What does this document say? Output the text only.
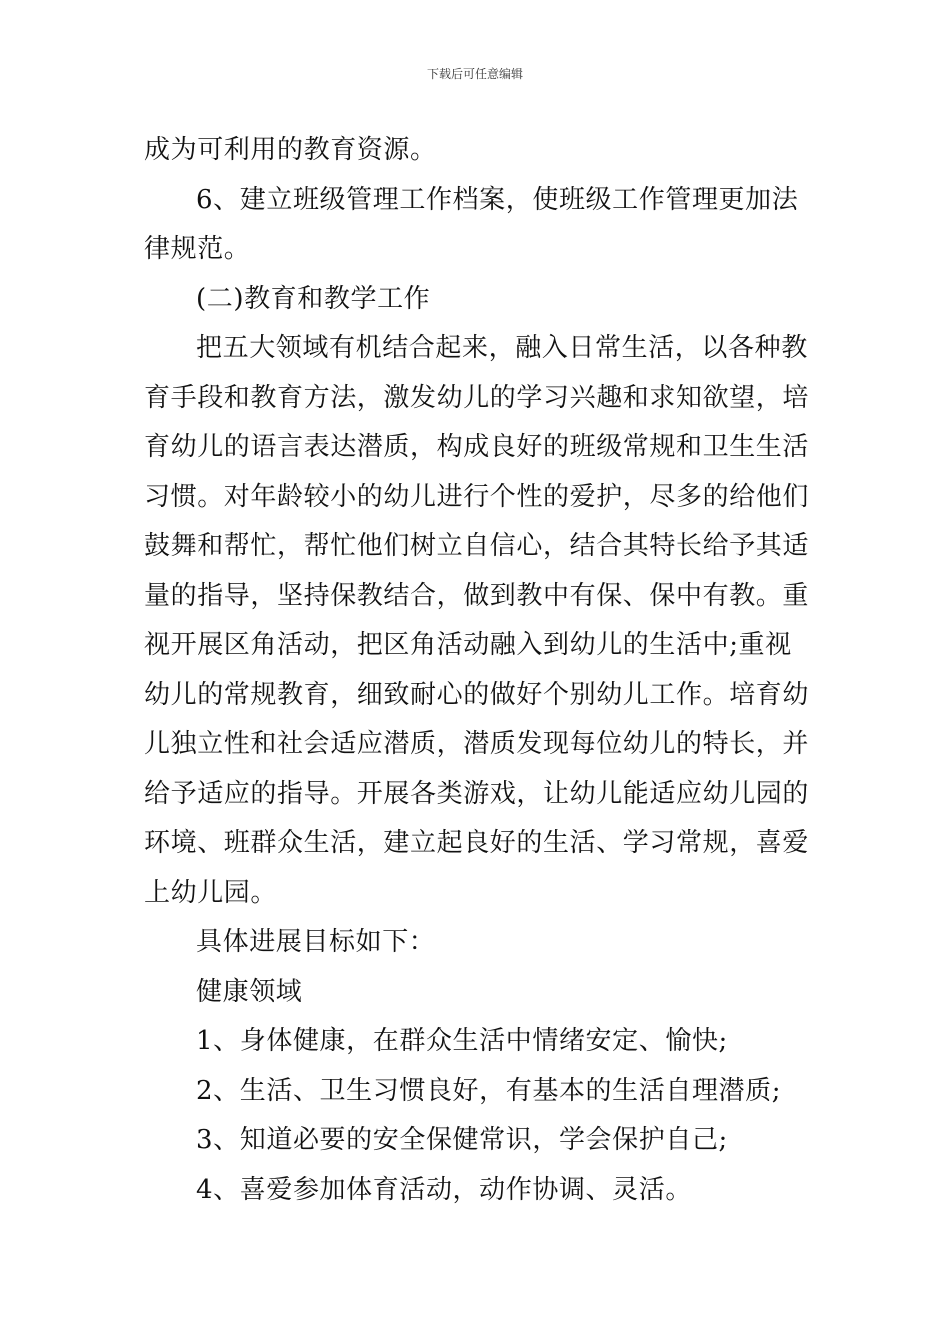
下载后可任意编辑

成为可利用的教育资源。

6、建立班级管理工作档案，使班级工作管理更加法律规范。

(二)教育和教学工作

把五大领域有机结合起来，融入日常生活，以各种教育手段和教育方法，激发幼儿的学习兴趣和求知欲望，培育幼儿的语言表达潜质，构成良好的班级常规和卫生生活习惯。对年龄较小的幼儿进行个性的爱护，尽多的给他们鼓舞和帮忙，帮忙他们树立自信心，结合其特长给予其适量的指导，坚持保教结合，做到教中有保、保中有教。重视开展区角活动，把区角活动融入到幼儿的生活中;重视幼儿的常规教育，细致耐心的做好个别幼儿工作。培育幼儿独立性和社会适应潜质，潜质发现每位幼儿的特长，并给予适应的指导。开展各类游戏，让幼儿能适应幼儿园的环境、班群众生活，建立起良好的生活、学习常规，喜爱上幼儿园。

具体进展目标如下：

健康领域

1、身体健康，在群众生活中情绪安定、愉快;

2、生活、卫生习惯良好，有基本的生活自理潜质;

3、知道必要的安全保健常识，学会保护自己;

4、喜爱参加体育活动，动作协调、灵活。
